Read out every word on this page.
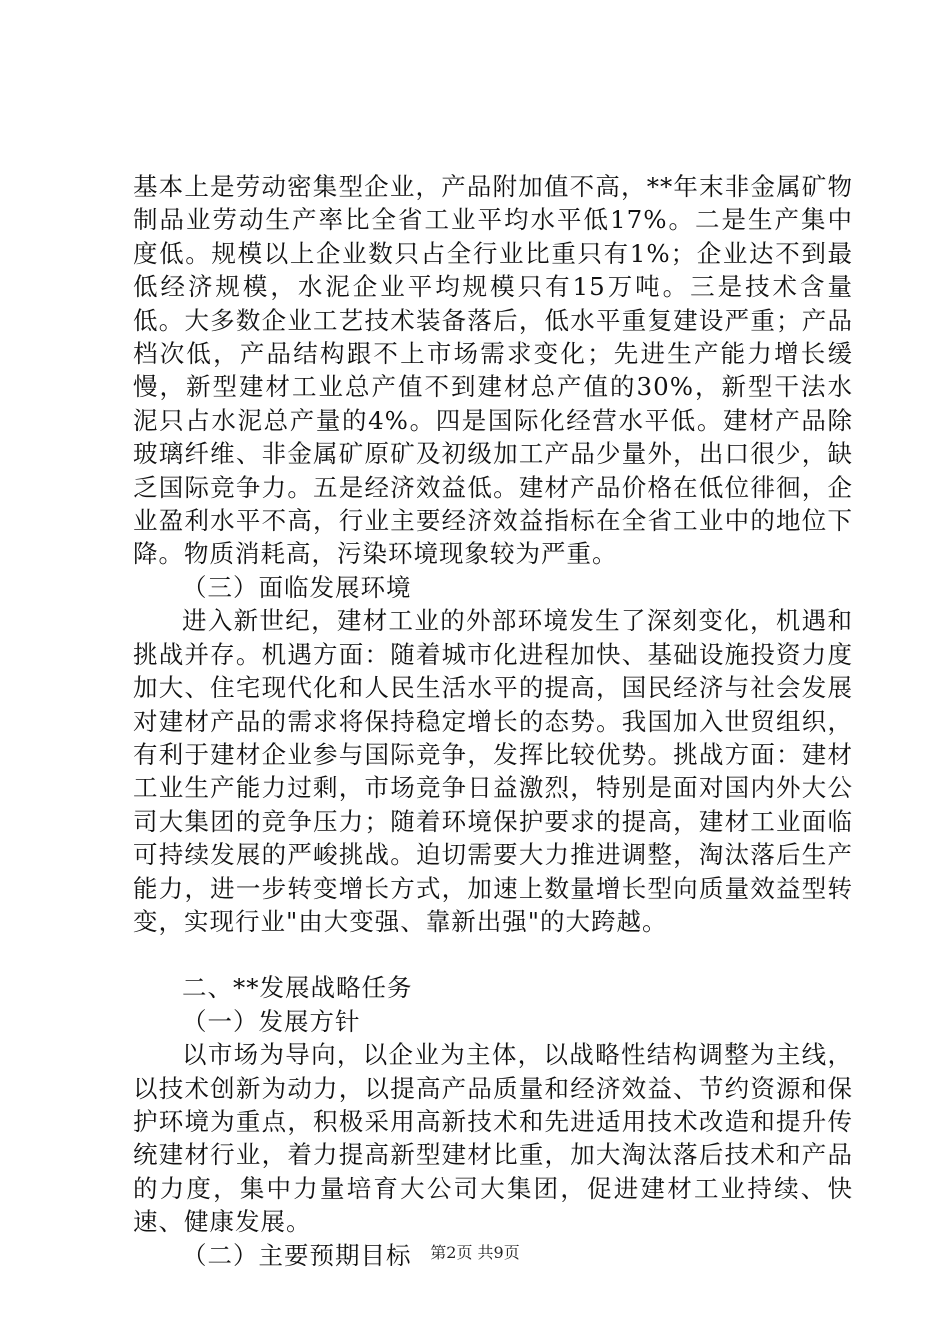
基本上是劳动密集型企业，产品附加值不高，**年末非金属矿物制品业劳动生产率比全省工业平均水平低17%。二是生产集中度低。规模以上企业数只占全行业比重只有1%；企业达不到最低经济规模，水泥企业平均规模只有15万吨。三是技术含量低。大多数企业工艺技术装备落后，低水平重复建设严重；产品档次低，产品结构跟不上市场需求变化；先进生产能力增长缓慢，新型建材工业总产值不到建材总产值的30%，新型干法水泥只占水泥总产量的4%。四是国际化经营水平低。建材产品除玻璃纤维、非金属矿原矿及初级加工产品少量外，出口很少，缺乏国际竞争力。五是经济效益低。建材产品价格在低位徘徊，企业盈利水平不高，行业主要经济效益指标在全省工业中的地位下降。物质消耗高，污染环境现象较为严重。

（三）面临发展环境

进入新世纪，建材工业的外部环境发生了深刻变化，机遇和挑战并存。机遇方面：随着城市化进程加快、基础设施投资力度加大、住宅现代化和人民生活水平的提高，国民经济与社会发展对建材产品的需求将保持稳定增长的态势。我国加入世贸组织，有利于建材企业参与国际竞争，发挥比较优势。挑战方面：建材工业生产能力过剩，市场竞争日益激烈，特别是面对国内外大公司大集团的竞争压力；随着环境保护要求的提高，建材工业面临可持续发展的严峻挑战。迫切需要大力推进调整，淘汰落后生产能力，进一步转变增长方式，加速上数量增长型向质量效益型转变，实现行业"由大变强、靠新出强"的大跨越。

二、**发展战略任务

（一）发展方针

以市场为导向，以企业为主体，以战略性结构调整为主线，以技术创新为动力，以提高产品质量和经济效益、节约资源和保护环境为重点，积极采用高新技术和先进适用技术改造和提升传统建材行业，着力提高新型建材比重，加大淘汰落后技术和产品的力度，集中力量培育大公司大集团，促进建材工业持续、快速、健康发展。

（二）主要预期目标	第2页 共9页
